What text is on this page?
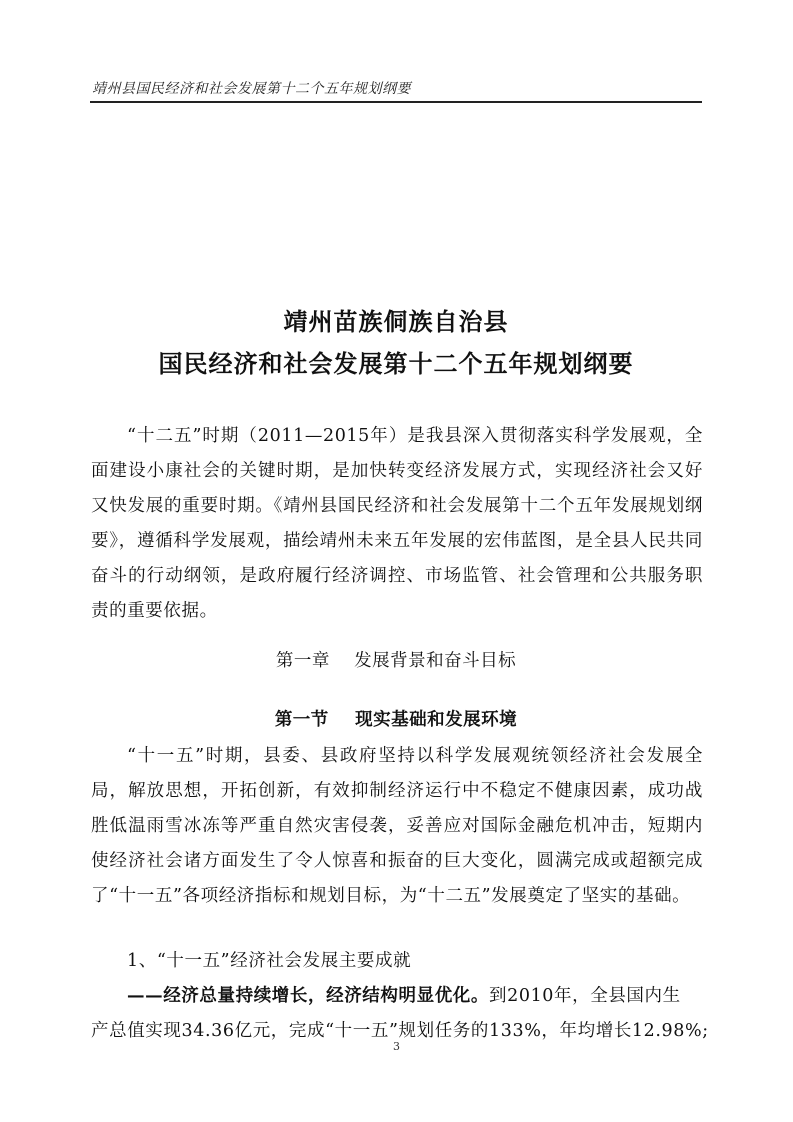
靖州县国民经济和社会发展第十二个五年规划纲要
靖州苗族侗族自治县
国民经济和社会发展第十二个五年规划纲要
“十二五”时期（2011—2015年）是我县深入贯彻落实科学发展观，全面建设小康社会的关键时期，是加快转变经济发展方式，实现经济社会又好又快发展的重要时期。《靖州县国民经济和社会发展第十二个五年发展规划纲要》，遵循科学发展观，描绘靖州未来五年发展的宏伟蓝图，是全县人民共同奋斗的行动纲领，是政府履行经济调控、市场监管、社会管理和公共服务职责的重要依据。
第一章    发展背景和奋斗目标
第一节    现实基础和发展环境
“十一五”时期，县委、县政府坚持以科学发展观统领经济社会发展全局，解放思想，开拓创新，有效抑制经济运行中不稳定不健康因素，成功战胜低温雨雪冰冻等严重自然灾害侵袭，妥善应对国际金融危机冲击，短期内使经济社会诸方面发生了令人惊喜和振奋的巨大变化，圆满完成或超额完成了“十一五”各项经济指标和规划目标，为“十二五”发展奠定了坚实的基础。
1、“十一五”经济社会发展主要成就
——经济总量持续增长，经济结构明显优化。到2010年，全县国内生
产总值实现34.36亿元，完成“十一五”规划任务的133%，年均增长12.98%;
3
